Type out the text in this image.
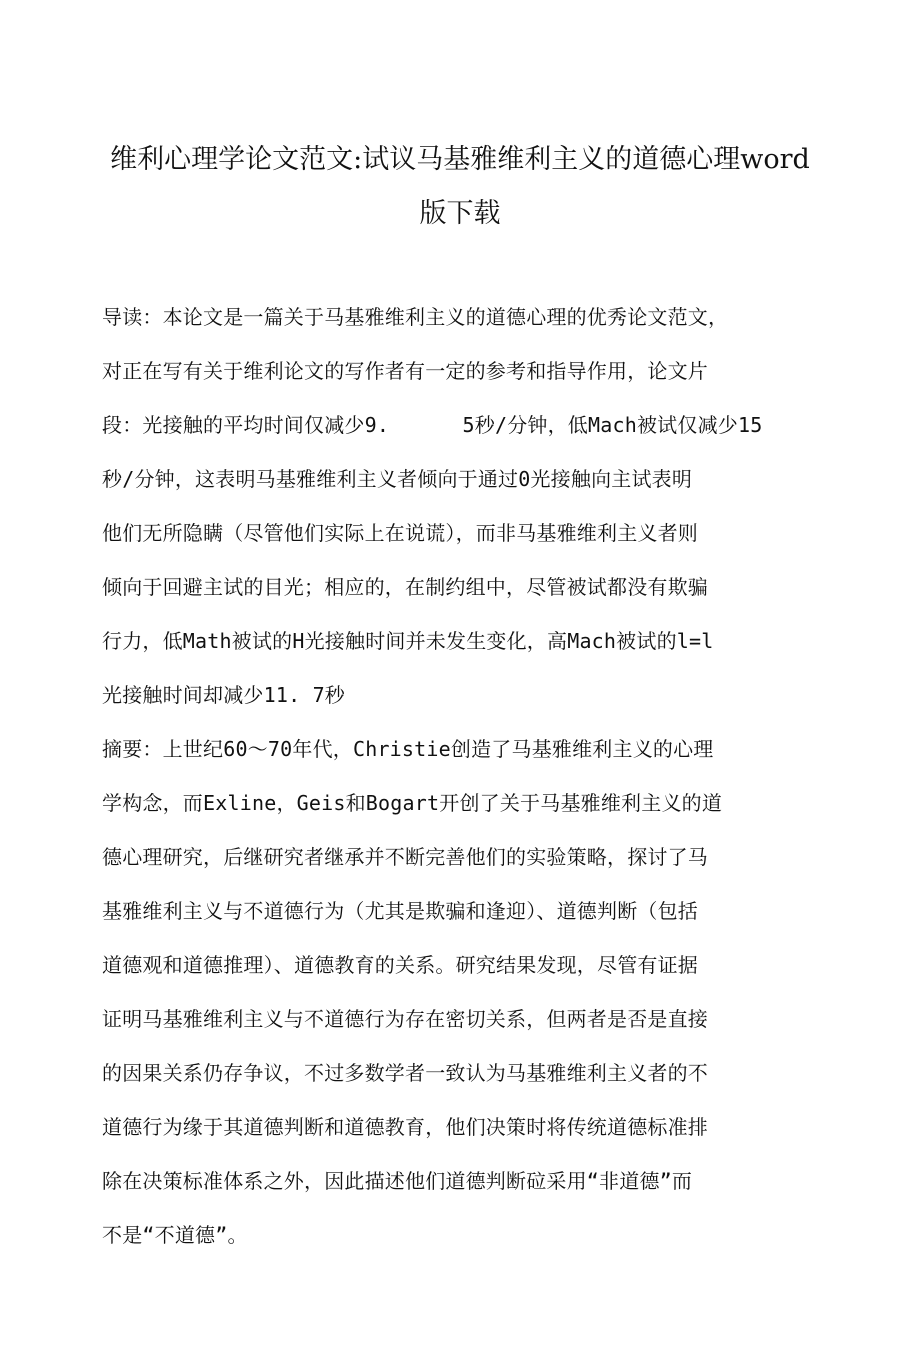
维利心理学论文范文:试议马基雅维利主义的道德心理word
版下载
导读：本论文是一篇关于马基雅维利主义的道德心理的优秀论文范文，
对正在写有关于维利论文的写作者有一定的参考和指导作用，论文片
段：光接触的平均时间仅减少9.      5秒/分钟，低Mach被试仅减少15
秒/分钟，这表明马基雅维利主义者倾向于通过0光接触向主试表明
他们无所隐瞒（尽管他们实际上在说谎），而非马基雅维利主义者则
倾向于回避主试的目光；相应的，在制约组中，尽管被试都没有欺骗
行力，低Math被试的H光接触时间并未发生变化，高Mach被试的l=l
光接触时间却减少11. 7秒
摘要：上世纪60～70年代，Christie创造了马基雅维利主义的心理
学构念，而Exline，Geis和Bogart开创了关于马基雅维利主义的道
德心理研究，后继研究者继承并不断完善他们的实验策略，探讨了马
基雅维利主义与不道德行为（尤其是欺骗和逢迎）、道德判断（包括
道德观和道德推理）、道德教育的关系。研究结果发现，尽管有证据
证明马基雅维利主义与不道德行为存在密切关系，但两者是否是直接
的因果关系仍存争议，不过多数学者一致认为马基雅维利主义者的不
道德行为缘于其道德判断和道德教育，他们决策时将传统道德标准排
除在决策标准体系之外，因此描述他们道德判断砬采用“非道德”而
不是“不道德”。
